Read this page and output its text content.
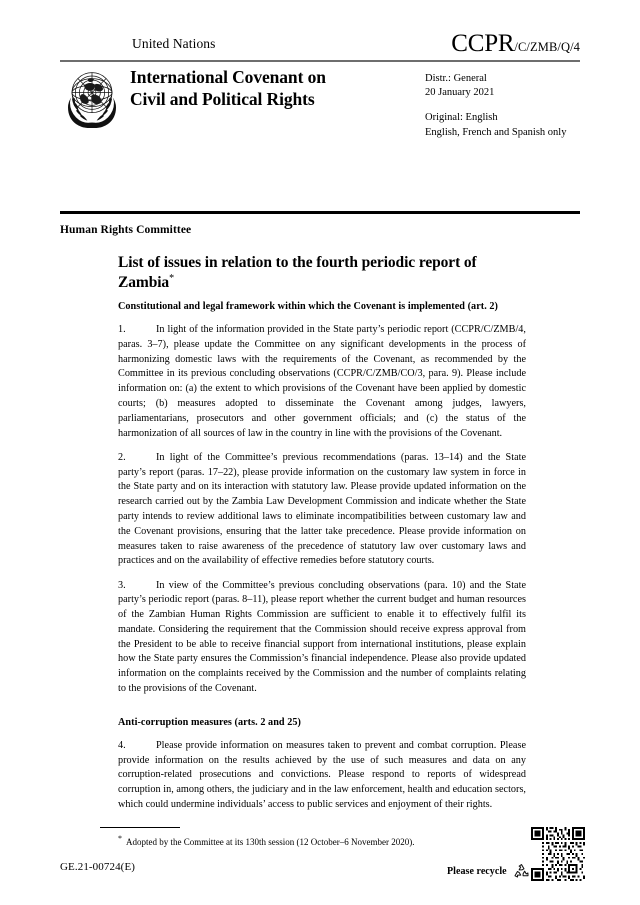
United Nations	CCPR/C/ZMB/Q/4
International Covenant on
Civil and Political Rights
Distr.: General
20 January 2021
Original: English
English, French and Spanish only
Human Rights Committee
List of issues in relation to the fourth periodic report of Zambia*
Constitutional and legal framework within which the Covenant is implemented (art. 2)

1.	In light of the information provided in the State party’s periodic report (CCPR/C/ZMB/4, paras. 3–7), please update the Committee on any significant developments in the process of harmonizing domestic laws with the requirements of the Covenant, as recommended by the Committee in its previous concluding observations (CCPR/C/ZMB/CO/3, para. 9). Please include information on: (a) the extent to which provisions of the Covenant have been applied by domestic courts; (b) measures adopted to disseminate the Covenant among judges, lawyers, parliamentarians, prosecutors and other government officials; and (c) the status of the harmonization of all sources of law in the country in line with the provisions of the Covenant.

2.	In light of the Committee’s previous recommendations (paras. 13–14) and the State party’s report (paras. 17–22), please provide information on the customary law system in force in the State party and on its interaction with statutory law. Please provide updated information on the research carried out by the Zambia Law Development Commission and indicate whether the State party intends to review additional laws to eliminate incompatibilities between customary law and the Covenant provisions, ensuring that the latter take precedence. Please provide information on measures taken to raise awareness of the precedence of statutory law over customary laws and practices and on the availability of effective remedies before statutory courts.

3.	In view of the Committee’s previous concluding observations (para. 10) and the State party’s periodic report (paras. 8–11), please report whether the current budget and human resources of the Zambian Human Rights Commission are sufficient to enable it to effectively fulfil its mandate. Considering the requirement that the Commission should receive express approval from the President to be able to receive financial support from international institutions, please explain how the State party ensures the Commission’s financial independence. Please also provide updated information on the complaints received by the Commission and the number of complaints relating to the provisions of the Covenant.

Anti-corruption measures (arts. 2 and 25)

4.	Please provide information on measures taken to prevent and combat corruption. Please provide information on the results achieved by the use of such measures and data on any corruption-related prosecutions and convictions. Please respond to reports of widespread corruption in, among others, the judiciary and in the law enforcement, health and education sectors, which could undermine individuals’ access to public services and enjoyment of their rights.

* Adopted by the Committee at its 130th session (12 October–6 November 2020).
GE.21-00724(E)	Please recycle
